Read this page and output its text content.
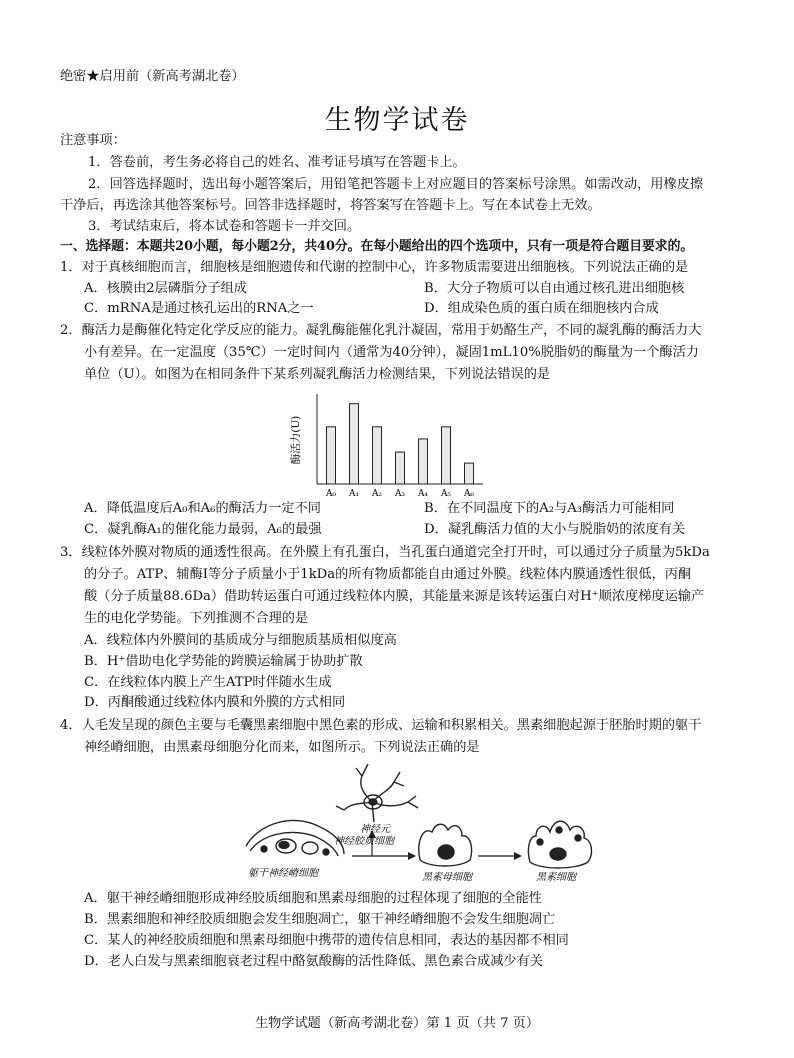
绝密★启用前（新高考湖北卷）
生物学试卷
注意事项：
1．答卷前，考生务必将自己的姓名、准考证号填写在答题卡上。
2．回答选择题时，选出每小题答案后，用铅笔把答题卡上对应题目的答案标号涂黑。如需改动，用橡皮擦
干净后，再选涂其他答案标号。回答非选择题时，将答案写在答题卡上。写在本试卷上无效。
3．考试结束后，将本试卷和答题卡一并交回。
一、选择题：本题共20小题，每小题2分，共40分。在每小题给出的四个选项中，只有一项是符合题目要求的。
1．对于真核细胞而言，细胞核是细胞遗传和代谢的控制中心，许多物质需要进出细胞核。下列说法正确的是
A．核膜由2层磷脂分子组成	B．大分子物质可以自由通过核孔进出细胞核
C．mRNA是通过核孔运出的RNA之一	D．组成染色质的蛋白质在细胞核内合成
2．酶活力是酶催化特定化学反应的能力。凝乳酶能催化乳汁凝固，常用于奶酪生产，不同的凝乳酶的酶活力大
小有差异。在一定温度（35℃）一定时间内（通常为40分钟），凝固1mL10%脱脂奶的酶量为一个酶活力
单位（U）。如图为在相同条件下某系列凝乳酶活力检测结果，下列说法错误的是
酶活力(U)
A₀ A₁ A₂ A₃ A₄ A₅ A₆
A．降低温度后A₀和A₆的酶活力一定不同	B．在不同温度下的A₂与A₃酶活力可能相同
C．凝乳酶A₁的催化能力最弱，A₆的最强	D．凝乳酶活力值的大小与脱脂奶的浓度有关
3．线粒体外膜对物质的通透性很高。在外膜上有孔蛋白，当孔蛋白通道完全打开时，可以通过分子质量为5kDa
的分子。ATP、辅酶Ⅰ等分子质量小于1kDa的所有物质都能自由通过外膜。线粒体内膜通透性很低，丙酮
酸（分子质量88.6Da）借助转运蛋白可通过线粒体内膜，其能量来源是该转运蛋白对H⁺顺浓度梯度运输产
生的电化学势能。下列推测不合理的是
A．线粒体内外膜间的基质成分与细胞质基质相似度高
B．H⁺借助电化学势能的跨膜运输属于协助扩散
C．在线粒体内膜上产生ATP时伴随水生成
D．丙酮酸通过线粒体内膜和外膜的方式相同
4．人毛发呈现的颜色主要与毛囊黑素细胞中黑色素的形成、运输和积累相关。黑素细胞起源于胚胎时期的躯干
神经嵴细胞，由黑素母细胞分化而来，如图所示。下列说法正确的是
躯干神经嵴细胞
神经元
神经胶质细胞
黑素母细胞	黑素细胞
A．躯干神经嵴细胞形成神经胶质细胞和黑素母细胞的过程体现了细胞的全能性
B．黑素细胞和神经胶质细胞会发生细胞凋亡，躯干神经嵴细胞不会发生细胞凋亡
C．某人的神经胶质细胞和黑素母细胞中携带的遗传信息相同，表达的基因都不相同
D．老人白发与黑素细胞衰老过程中酪氨酸酶的活性降低、黑色素合成减少有关
生物学试题（新高考湖北卷）第 1 页（共 7 页）
